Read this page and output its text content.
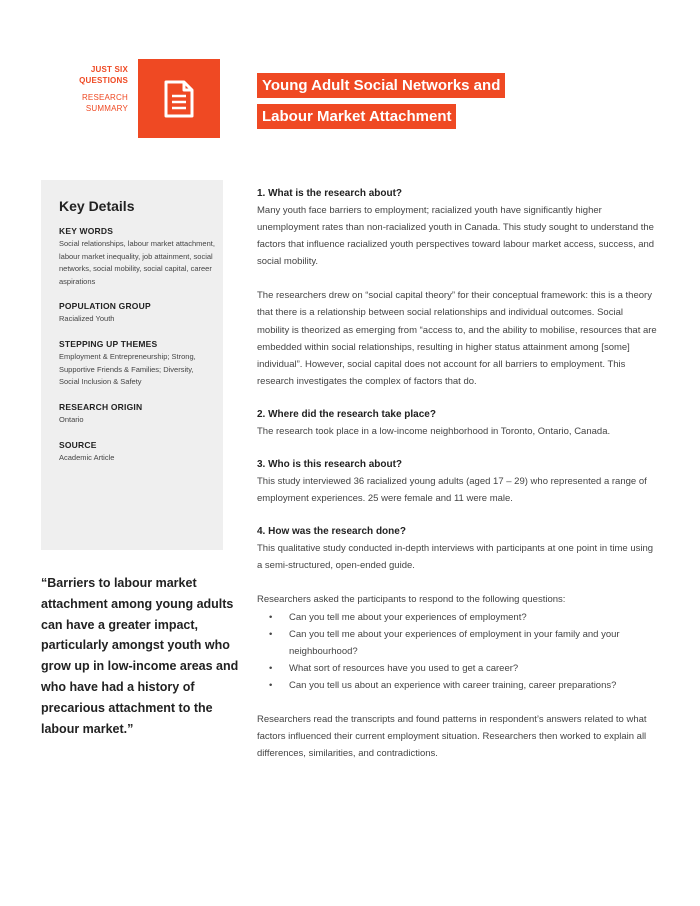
JUST SIX
QUESTIONS
RESEARCH
SUMMARY
Young Adult Social Networks and
Labour Market Attachment
Key Details
KEY WORDS
Social relationships, labour market attachment, labour market inequality, job attainment, social networks, social mobility, social capital, career aspirations
POPULATION GROUP
Racialized Youth
STEPPING UP THEMES
Employment & Entrepreneurship; Strong, Supportive Friends & Families; Diversity, Social Inclusion & Safety
RESEARCH ORIGIN
Ontario
SOURCE
Academic Article
“Barriers to labour market attachment among young adults can have a greater impact, particularly amongst youth who grow up in low-income areas and who have had a history of precarious attachment to the labour market.”
1. What is the research about?

Many youth face barriers to employment; racialized youth have significantly higher unemployment rates than non-racialized youth in Canada. This study sought to understand the factors that influence racialized youth perspectives toward labour market access, success, and social mobility.

The researchers drew on “social capital theory” for their conceptual framework: this is a theory that there is a relationship between social relationships and individual outcomes. Social mobility is theorized as emerging from “access to, and the ability to mobilise, resources that are embedded within social relationships, resulting in higher status attainment among [some] individual”. However, social capital does not account for all barriers to employment. This research investigates the complex of factors that do.

2. Where did the research take place?

The research took place in a low-income neighborhood in Toronto, Ontario, Canada.

3. Who is this research about?

This study interviewed 36 racialized young adults (aged 17 – 29) who represented a range of employment experiences. 25 were female and 11 were male.

4. How was the research done?

This qualitative study conducted in-depth interviews with participants at one point in time using a semi-structured, open-ended guide.

Researchers asked the participants to respond to the following questions:

• Can you tell me about your experiences of employment?
• Can you tell me about your experiences of employment in your family and your neighbourhood?
• What sort of resources have you used to get a career?
• Can you tell us about an experience with career training, career preparations?

Researchers read the transcripts and found patterns in respondent’s answers related to what factors influenced their current employment situation. Researchers then worked to explain all differences, similarities, and contradictions.
